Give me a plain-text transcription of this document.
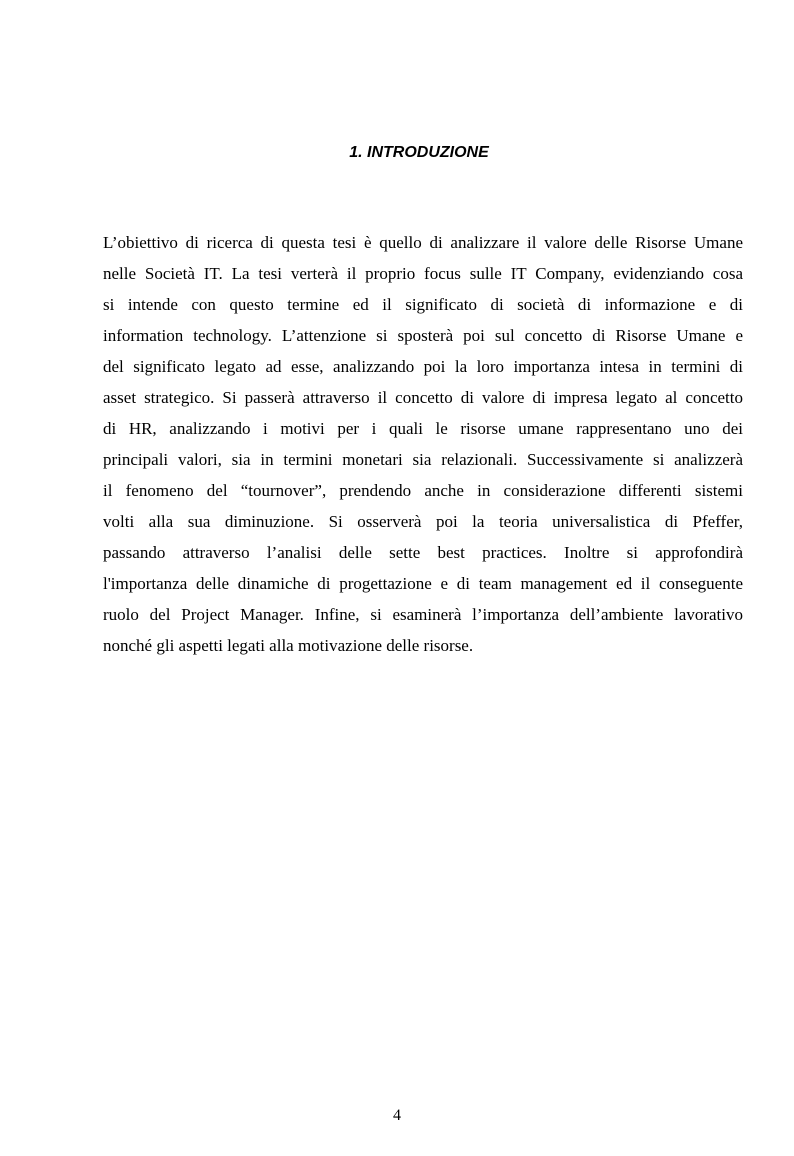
1. INTRODUZIONE
L’obiettivo di ricerca di questa tesi è quello di analizzare il valore delle Risorse Umane
nelle Società IT. La tesi verterà il proprio focus sulle IT Company, evidenziando cosa
si intende con questo termine ed il significato di società di informazione e di
information technology. L’attenzione si sposterà poi sul concetto di Risorse Umane e
del significato legato ad esse, analizzando poi la loro importanza intesa in termini di
asset strategico. Si passerà attraverso il concetto di valore di impresa legato al concetto
di HR, analizzando i motivi per i quali le risorse umane rappresentano uno dei
principali valori, sia in termini monetari sia relazionali. Successivamente si analizzerà
il fenomeno del “tournover”, prendendo anche in considerazione differenti sistemi
volti alla sua diminuzione. Si osserverà poi la teoria universalistica di Pfeffer,
passando attraverso l’analisi delle sette best practices. Inoltre si approfondirà
l'importanza delle dinamiche di progettazione e di team management ed il conseguente
ruolo del Project Manager. Infine, si esaminerà l’importanza dell’ambiente lavorativo
nonché gli aspetti legati alla motivazione delle risorse.
4
